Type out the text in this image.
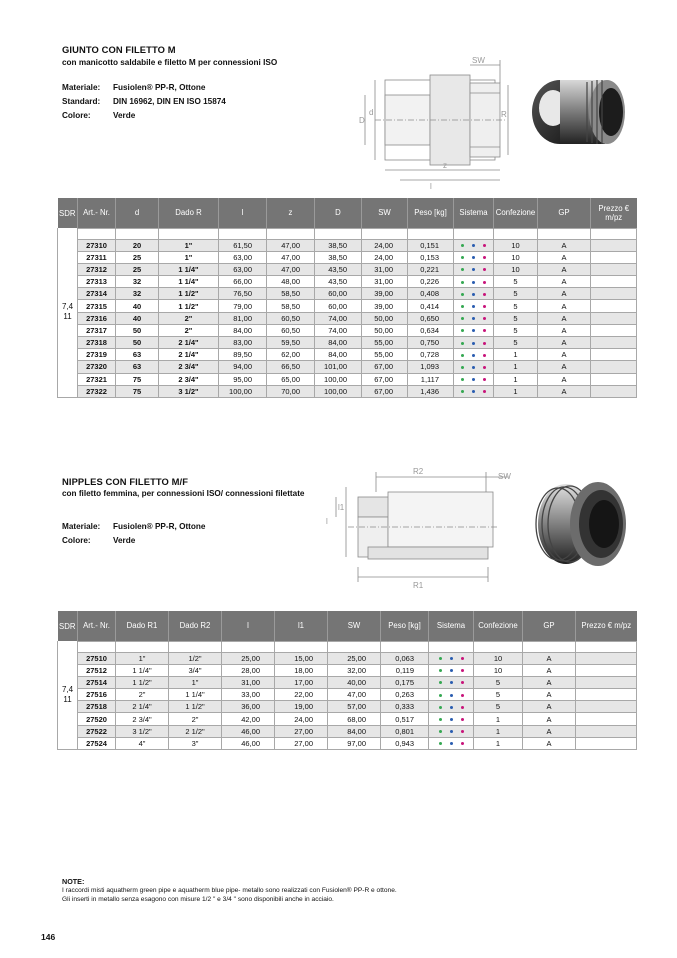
GIUNTO CON FILETTO M
con manicotto saldabile e filetto M per connessioni ISO
Materiale: Fusiolen® PP-R, Ottone
Standard: DIN 16962, DIN EN ISO 15874
Colore:	Verde
SW
D
d	R
z
l
SDR	Art.- Nr.	d	Dado R	l	z	D	SW	Peso [kg]	Sistema	Confezione	GP	Prezzo € m/pz
7,4 11												
	27310	20	1"	61,50	47,00	38,50	24,00	0,151		10	A	
	27311	25	1"	63,00	47,00	38,50	24,00	0,153		10	A	
	27312	25	1 1/4"	63,00	47,00	43,50	31,00	0,221		10	A	
	27313	32	1 1/4"	66,00	48,00	43,50	31,00	0,226		5	A	
	27314	32	1 1/2"	76,50	58,50	60,00	39,00	0,408		5	A	
	27315	40	1 1/2"	79,00	58,50	60,00	39,00	0,414		5	A	
	27316	40	2"	81,00	60,50	74,00	50,00	0,650		5	A	
	27317	50	2"	84,00	60,50	74,00	50,00	0,634		5	A	
	27318	50	2 1/4"	83,00	59,50	84,00	55,00	0,750		5	A	
	27319	63	2 1/4"	89,50	62,00	84,00	55,00	0,728		1	A	
	27320	63	2 3/4"	94,00	66,50	101,00	67,00	1,093		1	A	
	27321	75	2 3/4"	95,00	65,00	100,00	67,00	1,117		1	A	
	27322	75	3 1/2"	100,00	70,00	100,00	67,00	1,436		1	A	
NIPPLES CON FILETTO M/F
con filetto femmina, per connessioni ISO/ connessioni filettate
Materiale: Fusiolen® PP-R, Ottone
Colore:	Verde
R2
SW
l1
l
R1
SDR	Art.- Nr.	Dado R1	Dado R2	l	l1	SW	Peso [kg]	Sistema	Confezione	GP	Prezzo € m/pz
7,4 11											
	27510	1"	1/2"	25,00	15,00	25,00	0,063		10	A	
	27512	1 1/4"	3/4"	28,00	18,00	32,00	0,119		10	A	
	27514	1 1/2"	1"	31,00	17,00	40,00	0,175		5	A	
	27516	2"	1 1/4"	33,00	22,00	47,00	0,263		5	A	
	27518	2 1/4"	1 1/2"	36,00	19,00	57,00	0,333		5	A	
	27520	2 3/4"	2"	42,00	24,00	68,00	0,517		1	A	
	27522	3 1/2"	2 1/2"	46,00	27,00	84,00	0,801		1	A	
	27524	4"	3"	46,00	27,00	97,00	0,943		1	A	
NOTE:
I raccordi misti aquatherm green pipe e aquatherm blue pipe- metallo sono realizzati con Fusiolen® PP-R e ottone.
Gli inserti in metallo senza esagono con misure 1/2 " e 3/4 " sono disponibili anche in acciaio.
146
